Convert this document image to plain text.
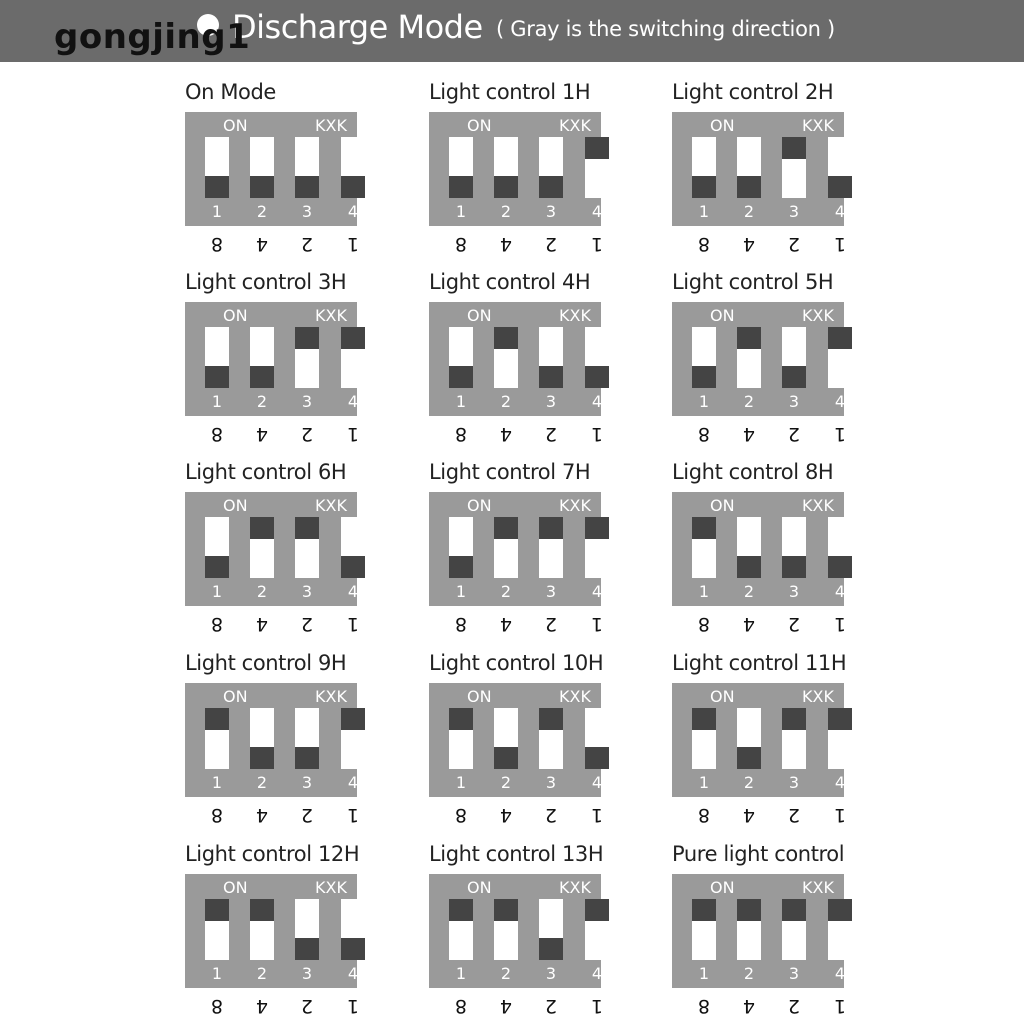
Discharge Mode ( Gray is the switching direction )
gongjing1
On Mode
ON	KXK
1	2	3	4
8	4	2	1
Light control 1H
ON	KXK
1	2	3	4
8	4	2	1
Light control 2H
ON	KXK
1	2	3	4
8	4	2	1
Light control 3H
ON	KXK
1	2	3	4
8	4	2	1
Light control 4H
ON	KXK
1	2	3	4
8	4	2	1
Light control 5H
ON	KXK
1	2	3	4
8	4	2	1
Light control 6H
ON	KXK
1	2	3	4
8	4	2	1
Light control 7H
ON	KXK
1	2	3	4
8	4	2	1
Light control 8H
ON	KXK
1	2	3	4
8	4	2	1
Light control 9H
ON	KXK
1	2	3	4
8	4	2	1
Light control 10H
ON	KXK
1	2	3	4
8	4	2	1
Light control 11H
ON	KXK
1	2	3	4
8	4	2	1
Light control 12H
ON	KXK
1	2	3	4
8	4	2	1
Light control 13H
ON	KXK
1	2	3	4
8	4	2	1
Pure light control
ON	KXK
1	2	3	4
8	4	2	1
